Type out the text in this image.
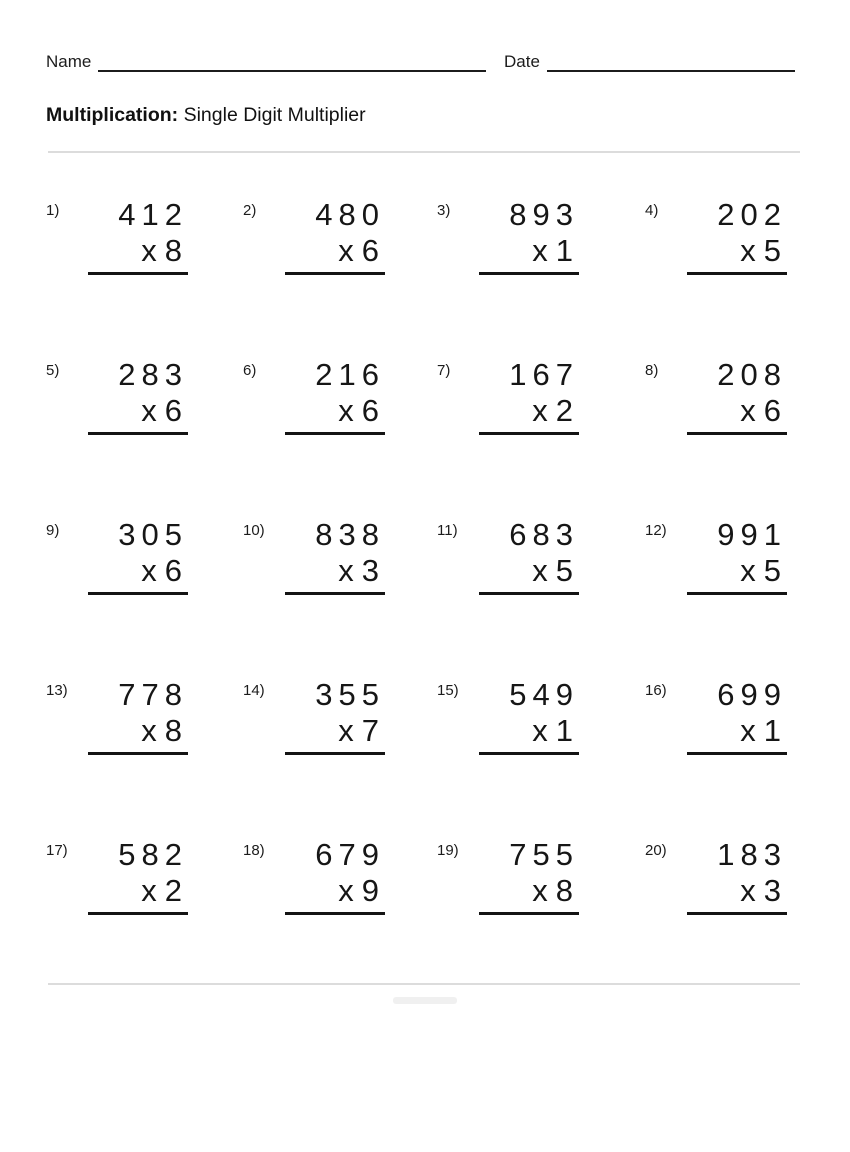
Name	Date
Multiplication: Single Digit Multiplier
1)	412
x 8
2)	480
x 6
3)	893
x 1
4)	202
x 5
5)	283
x 6
6)	216
x 6
7)	167
x 2
8)	208
x 6
9)	305
x 6
10)	838
x 3
11)	683
x 5
12)	991
x 5
13)	778
x 8
14)	355
x 7
15)	549
x 1
16)	699
x 1
17)	582
x 2
18)	679
x 9
19)	755
x 8
20)	183
x 3
